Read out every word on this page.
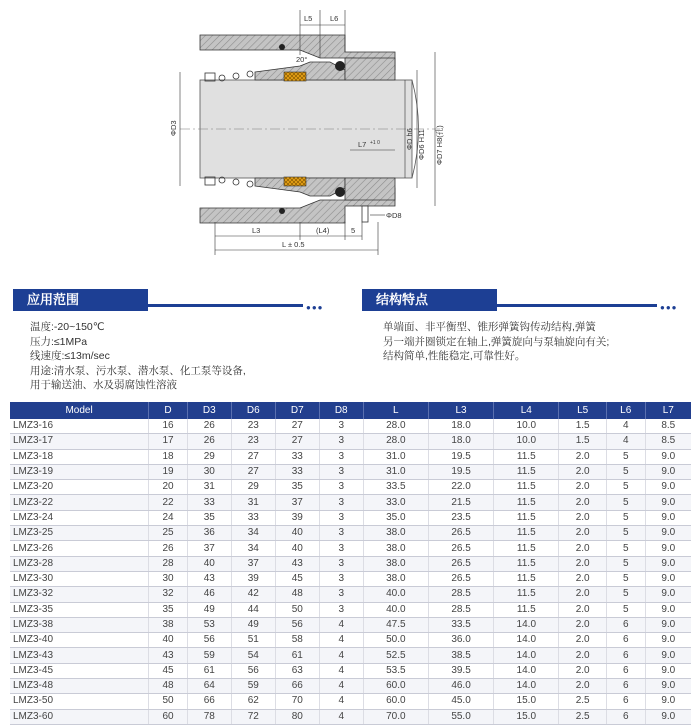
L5 L6
20°
ΦD3	ΦD h6 ΦD6 H11 ΦD7 H8(孔)
L7 +1 0
ΦD8
L3	(L4)	5
L ± 0.5
应用范围
●●●
结构特点
●●●
温度:-20~150℃
压力:≤1MPa
线速度:≤13m/sec
用途:清水泵、污水泵、潜水泵、化工泵等设备,
用于输送油、水及弱腐蚀性溶液
单端面、非平衡型、锥形弹簧钩传动结构,弹簧
另一端并圈锁定在轴上,弹簧旋向与泵轴旋向有关;
结构简单,性能稳定,可靠性好。
Model	D	D3	D6	D7	D8	L	L3	L4	L5	L6	L7
LMZ3-16	16	26	23	27	3	28.0	18.0	10.0	1.5	4	8.5
LMZ3-17	17	26	23	27	3	28.0	18.0	10.0	1.5	4	8.5
LMZ3-18	18	29	27	33	3	31.0	19.5	11.5	2.0	5	9.0
LMZ3-19	19	30	27	33	3	31.0	19.5	11.5	2.0	5	9.0
LMZ3-20	20	31	29	35	3	33.5	22.0	11.5	2.0	5	9.0
LMZ3-22	22	33	31	37	3	33.0	21.5	11.5	2.0	5	9.0
LMZ3-24	24	35	33	39	3	35.0	23.5	11.5	2.0	5	9.0
LMZ3-25	25	36	34	40	3	38.0	26.5	11.5	2.0	5	9.0
LMZ3-26	26	37	34	40	3	38.0	26.5	11.5	2.0	5	9.0
LMZ3-28	28	40	37	43	3	38.0	26.5	11.5	2.0	5	9.0
LMZ3-30	30	43	39	45	3	38.0	26.5	11.5	2.0	5	9.0
LMZ3-32	32	46	42	48	3	40.0	28.5	11.5	2.0	5	9.0
LMZ3-35	35	49	44	50	3	40.0	28.5	11.5	2.0	5	9.0
LMZ3-38	38	53	49	56	4	47.5	33.5	14.0	2.0	6	9.0
LMZ3-40	40	56	51	58	4	50.0	36.0	14.0	2.0	6	9.0
LMZ3-43	43	59	54	61	4	52.5	38.5	14.0	2.0	6	9.0
LMZ3-45	45	61	56	63	4	53.5	39.5	14.0	2.0	6	9.0
LMZ3-48	48	64	59	66	4	60.0	46.0	14.0	2.0	6	9.0
LMZ3-50	50	66	62	70	4	60.0	45.0	15.0	2.5	6	9.0
LMZ3-60	60	78	72	80	4	70.0	55.0	15.0	2.5	6	9.0
